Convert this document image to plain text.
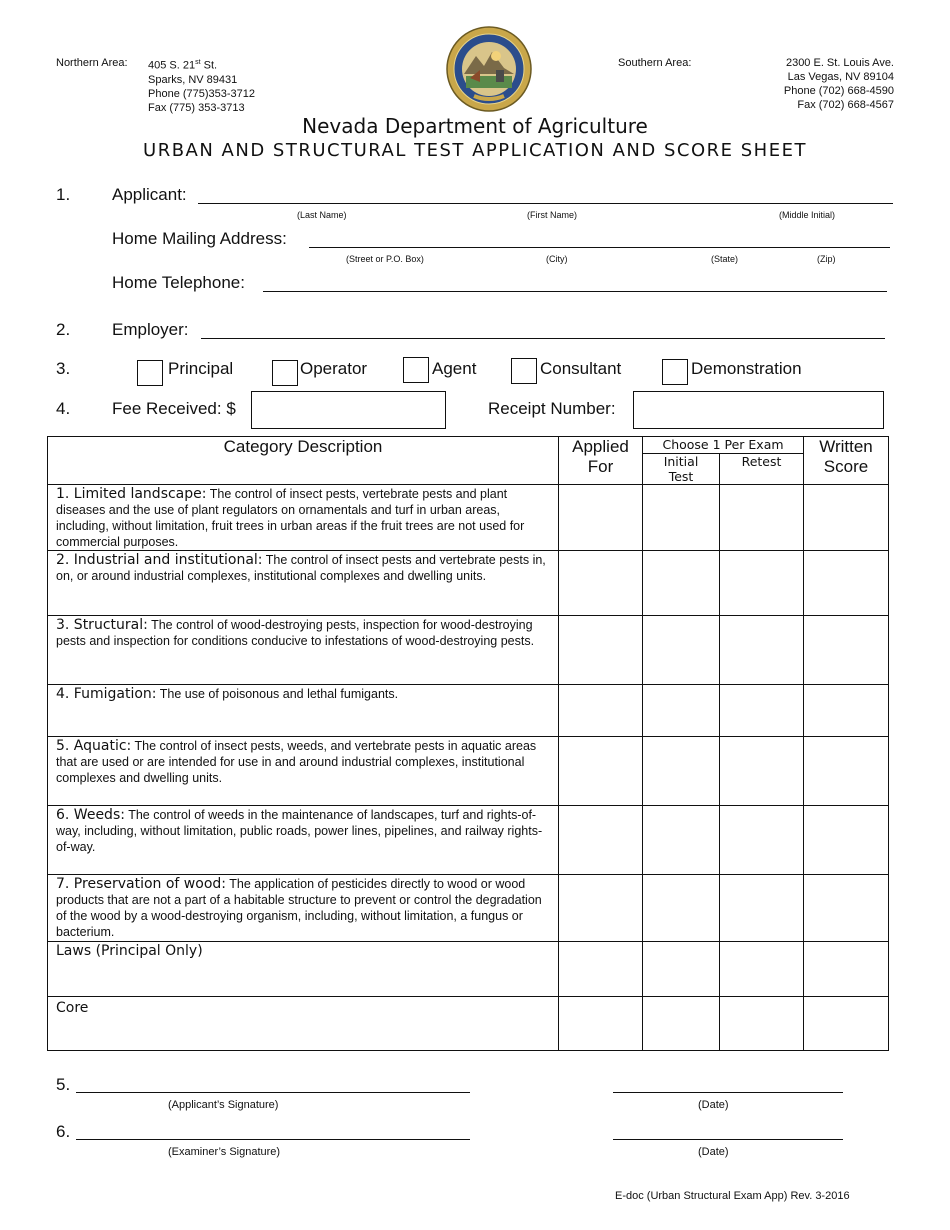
Northern Area: 405 S. 21st St.
Sparks, NV 89431
Phone (775)353-3712
Fax (775) 353-3713
Southern Area:	2300 E. St. Louis Ave.
Las Vegas, NV 89104
Phone (702) 668-4590
Fax (702) 668-4567
Nevada Department of Agriculture
URBAN AND STRUCTURAL TEST APPLICATION AND SCORE SHEET
1. Applicant:
(Last Name)	(First Name)	(Middle Initial)
Home Mailing Address:
(Street or P.O. Box)	(City)	(State)	(Zip)
Home Telephone:
2. Employer:
3.	Principal	Operator	Agent	Consultant	Demonstration
4. Fee Received: $	Receipt Number:
Category Description	Applied For	Choose 1 Per Exam		Written Score

		Initial Test	Retest	

1. Limited landscape: The control of insect pests, vertebrate pests and plant diseases and the use of plant regulators on ornamentals and turf in urban areas, including, without limitation, fruit trees in urban areas if the fruit trees are not used for commercial purposes.				

2. Industrial and institutional: The control of insect pests and vertebrate pests in, on, or around industrial complexes, institutional complexes and dwelling units.				

3. Structural: The control of wood-destroying pests, inspection for wood-destroying pests and inspection for conditions conducive to infestations of wood-destroying pests.				

4. Fumigation: The use of poisonous and lethal fumigants.				

5. Aquatic: The control of insect pests, weeds, and vertebrate pests in aquatic areas that are used or are intended for use in and around industrial complexes, institutional complexes and dwelling units.				

6. Weeds: The control of weeds in the maintenance of landscapes, turf and rights-of-way, including, without limitation, public roads, power lines, pipelines, and railway rights-of-way.				

7. Preservation of wood: The application of pesticides directly to wood or wood products that are not a part of a habitable structure to prevent or control the degradation of the wood by a wood-destroying organism, including, without limitation, a fungus or bacterium.				

Laws (Principal Only)				

Core				

5.
(Applicant’s Signature)	(Date)
6.
(Examiner’s Signature)	(Date)
E-doc (Urban Structural Exam App) Rev. 3-2016
